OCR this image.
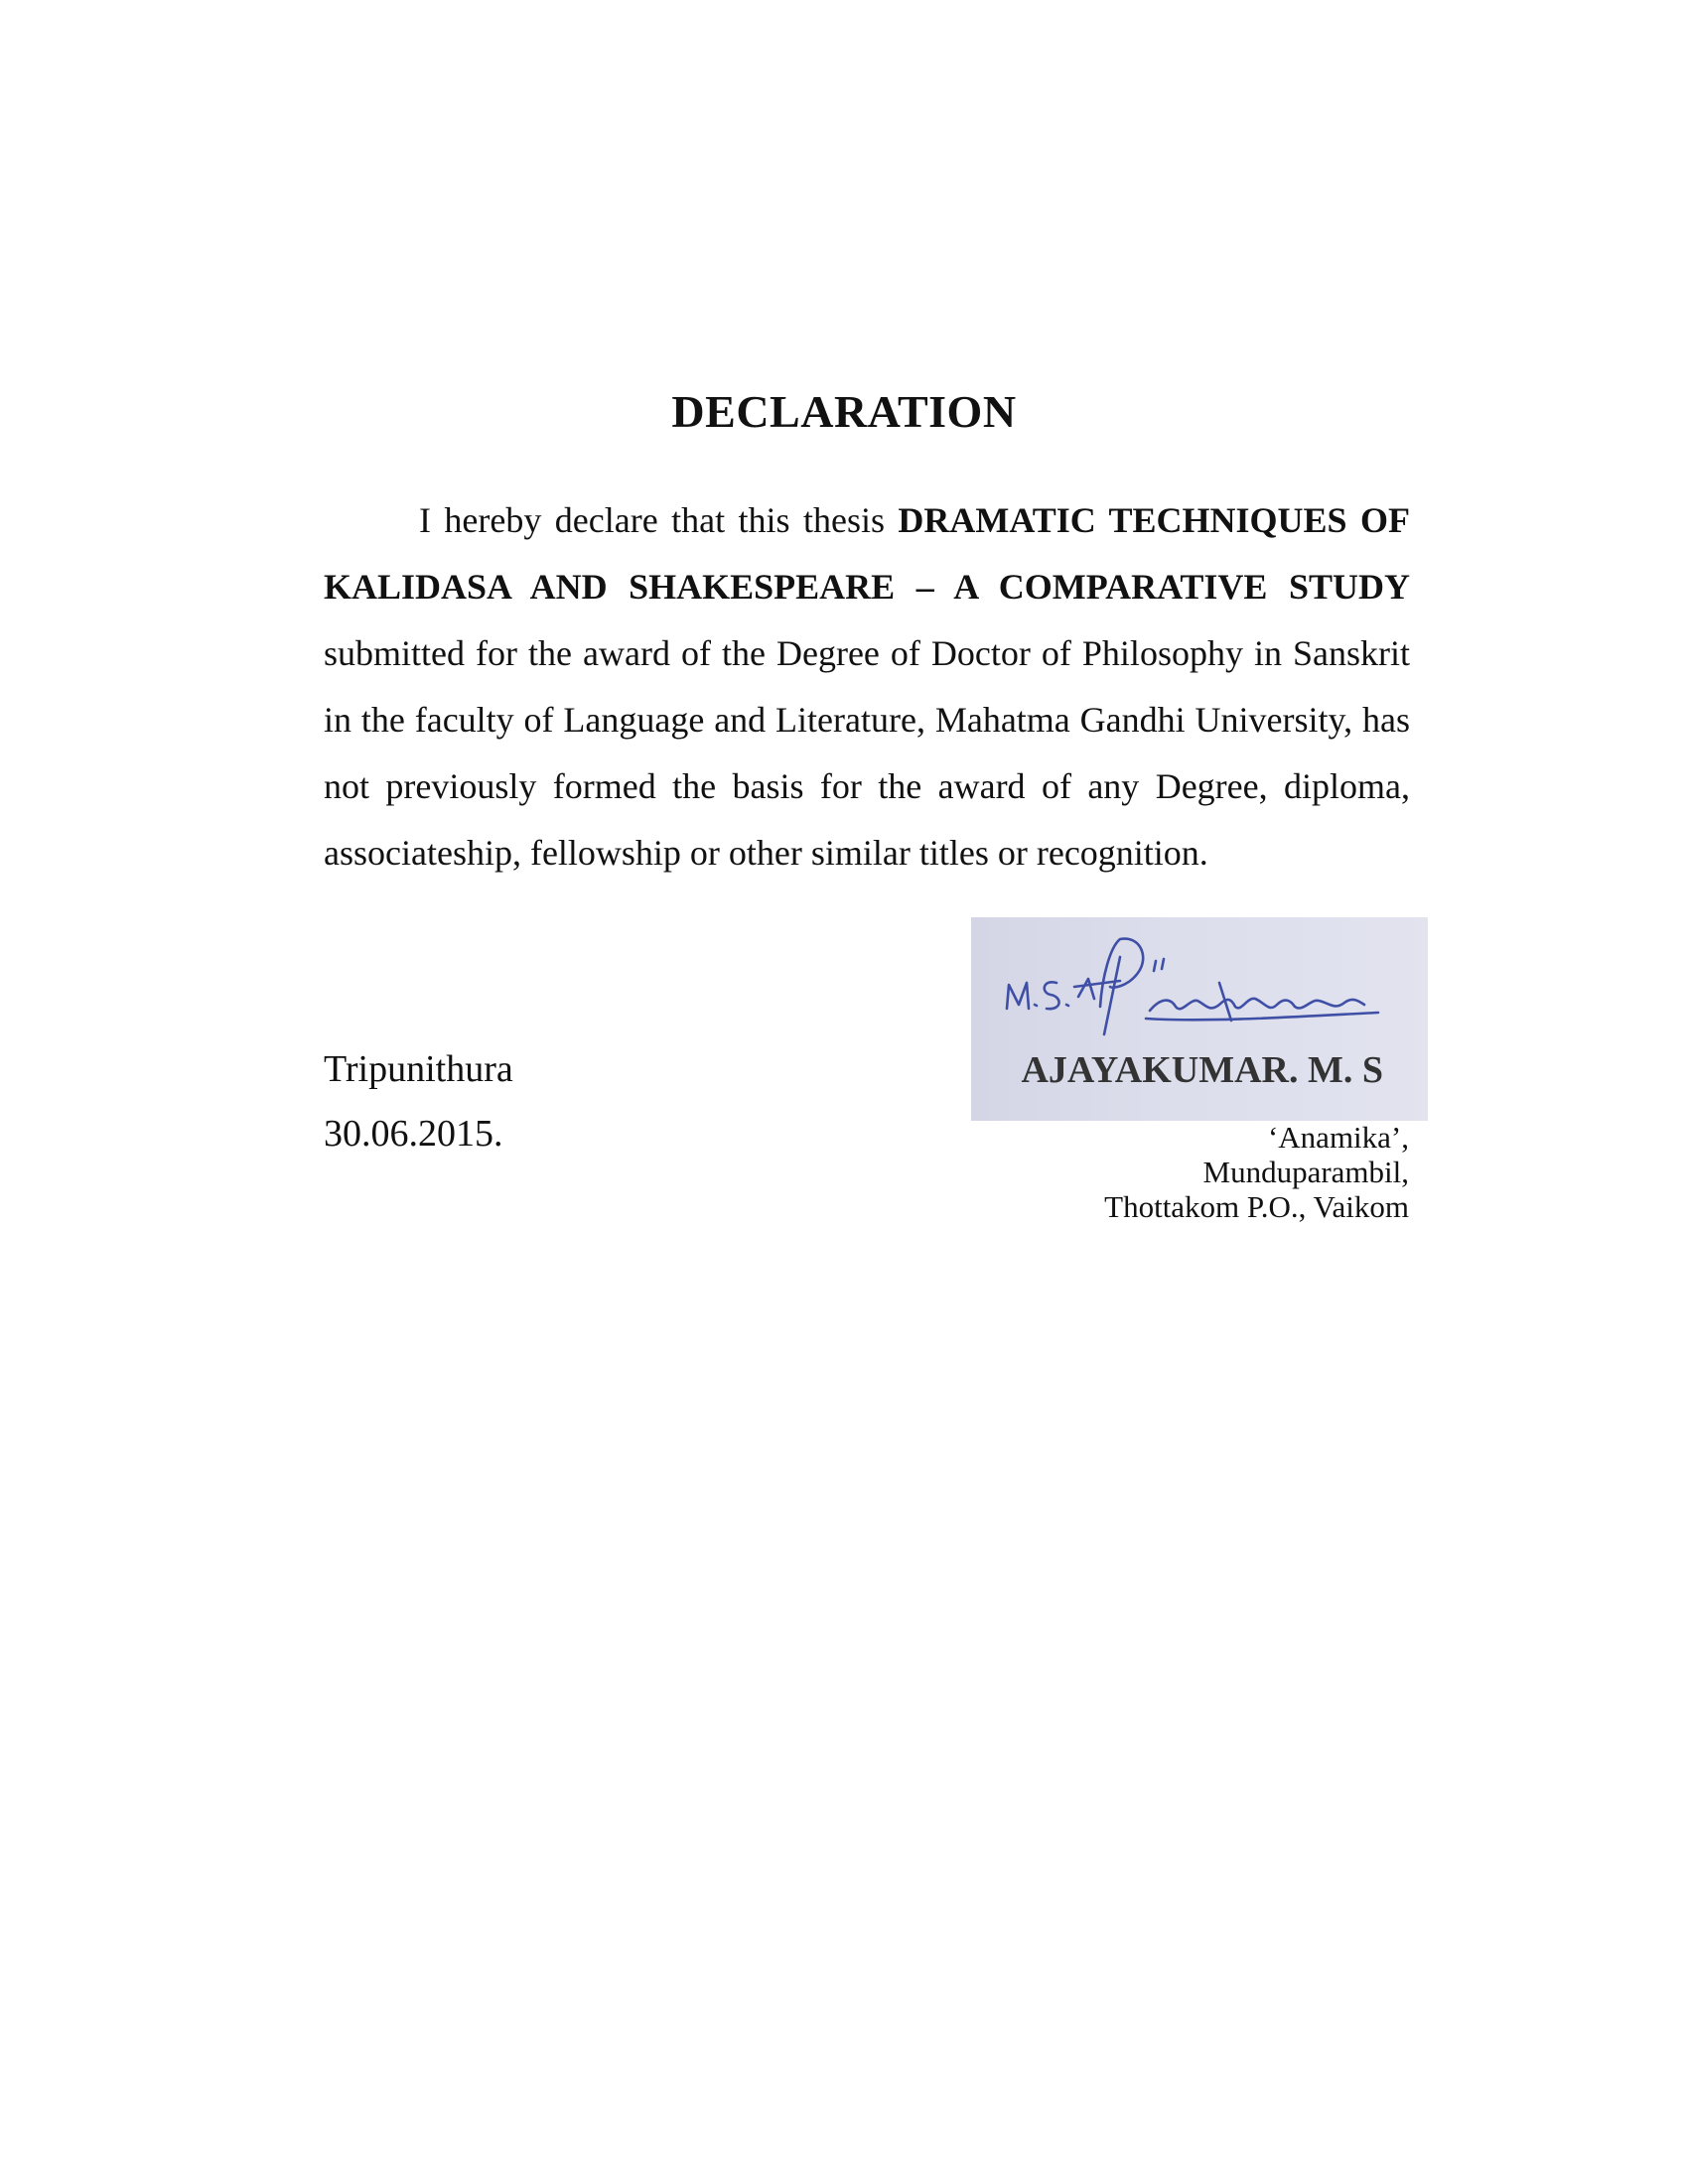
DECLARATION

I hereby declare that this thesis DRAMATIC TECHNIQUES OF KALIDASA AND SHAKESPEARE – A COMPARATIVE STUDY submitted for the award of the Degree of Doctor of Philosophy in Sanskrit in the faculty of Language and Literature, Mahatma Gandhi University, has not previously formed the basis for the award of any Degree, diploma, associateship, fellowship or other similar titles or recognition.

Tripunithura
30.06.2015.
AJAYAKUMAR. M. S
‘Anamika’,
Munduparambil,
Thottakom P.O., Vaikom
